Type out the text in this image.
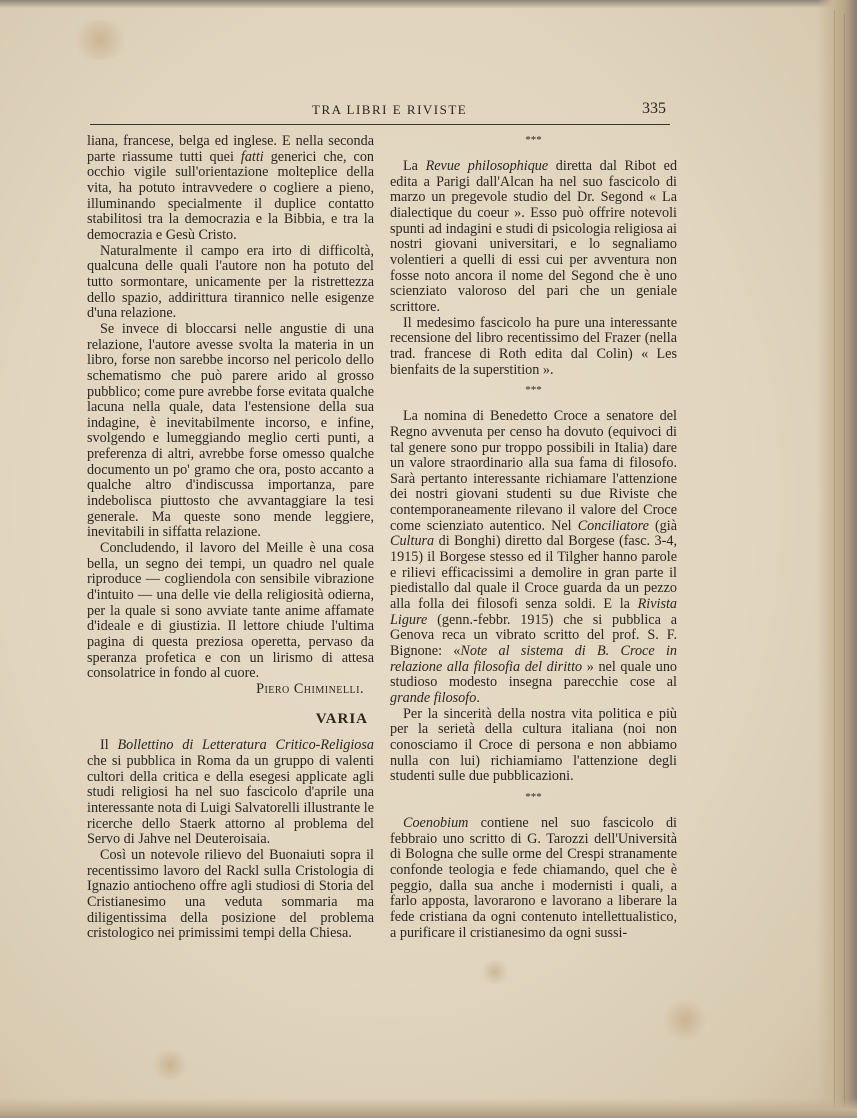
TRA LIBRI E RIVISTE	335

liana, francese, belga ed inglese. E nella seconda parte riassume tutti quei fatti generici che, con occhio vigile sull'orientazione molteplice della vita, ha potuto intravvedere o cogliere a pieno, illuminando specialmente il duplice contatto stabilitosi tra la democrazia e la Bibbia, e tra la democrazia e Gesù Cristo.

Naturalmente il campo era irto di difficoltà, qualcuna delle quali l'autore non ha potuto del tutto sormontare, unicamente per la ristrettezza dello spazio, addirittura tirannico nelle esigenze d'una relazione.

Se invece di bloccarsi nelle angustie di una relazione, l'autore avesse svolta la materia in un libro, forse non sarebbe incorso nel pericolo dello schematismo che può parere arido al grosso pubblico; come pure avrebbe forse evitata qualche lacuna nella quale, data l'estensione della sua indagine, è inevitabilmente incorso, e infine, svolgendo e lumeggiando meglio certi punti, a preferenza di altri, avrebbe forse omesso qualche documento un po' gramo che ora, posto accanto a qualche altro d'indiscussa importanza, pare indebolisca piuttosto che avvantaggiare la tesi generale. Ma queste sono mende leggiere, inevitabili in siffatta relazione.

Concludendo, il lavoro del Meille è una cosa bella, un segno dei tempi, un quadro nel quale riproduce — cogliendola con sensibile vibrazione d'intuito — una delle vie della religiosità odierna, per la quale si sono avviate tante anime affamate d'ideale e di giustizia. Il lettore chiude l'ultima pagina di questa preziosa operetta, pervaso da speranza profetica e con un lirismo di attesa consolatrice in fondo al cuore.

Piero Chiminelli.

VARIA

Il Bollettino di Letteratura Critico-Religiosa che si pubblica in Roma da un gruppo di valenti cultori della critica e della esegesi applicate agli studi religiosi ha nel suo fascicolo d'aprile una interessante nota di Luigi Salvatorelli illustrante le ricerche dello Staerk attorno al problema del Servo di Jahve nel Deuteroisaia.

Così un notevole rilievo del Buonaiuti sopra il recentissimo lavoro del Rackl sulla Cristologia di Ignazio antiocheno offre agli studiosi di Storia del Cristianesimo una veduta sommaria ma diligentissima della posizione del problema cristologico nei primissimi tempi della Chiesa.

***

La Revue philosophique diretta dal Ribot ed edita a Parigi dall'Alcan ha nel suo fascicolo di marzo un pregevole studio del Dr. Segond « La dialectique du coeur ». Esso può offrire notevoli spunti ad indagini e studi di psicologia religiosa ai nostri giovani universitari, e lo segnaliamo volentieri a quelli di essi cui per avventura non fosse noto ancora il nome del Segond che è uno scienziato valoroso del pari che un geniale scrittore.

Il medesimo fascicolo ha pure una interessante recensione del libro recentissimo del Frazer (nella trad. francese di Roth edita dal Colin) « Les bienfaits de la superstition ».

***

La nomina di Benedetto Croce a senatore del Regno avvenuta per censo ha dovuto (equivoci di tal genere sono pur troppo possibili in Italia) dare un valore straordinario alla sua fama di filosofo. Sarà pertanto interessante richiamare l'attenzione dei nostri giovani studenti su due Riviste che contemporaneamente rilevano il valore del Croce come scienziato autentico. Nel Conciliatore (già Cultura di Bonghi) diretto dal Borgese (fasc. 3-4, 1915) il Borgese stesso ed il Tilgher hanno parole e rilievi efficacissimi a demolire in gran parte il piedistallo dal quale il Croce guarda da un pezzo alla folla dei filosofi senza soldi. E la Rivista Ligure (genn.-febbr. 1915) che si pubblica a Genova reca un vibrato scritto del prof. S. F. Bignone: «Note al sistema di B. Croce in relazione alla filosofia del diritto » nel quale uno studioso modesto insegna parecchie cose al grande filosofo.

Per la sincerità della nostra vita politica e più per la serietà della cultura italiana (noi non conosciamo il Croce di persona e non abbiamo nulla con lui) richiamiamo l'attenzione degli studenti sulle due pubblicazioni.

***

Coenobium contiene nel suo fascicolo di febbraio uno scritto di G. Tarozzi dell'Università di Bologna che sulle orme del Crespi stranamente confonde teologia e fede chiamando, quel che è peggio, dalla sua anche i modernisti i quali, a farlo apposta, lavorarono e lavorano a liberare la fede cristiana da ogni contenuto intellettualistico, a purificare il cristianesimo da ogni sussi-
